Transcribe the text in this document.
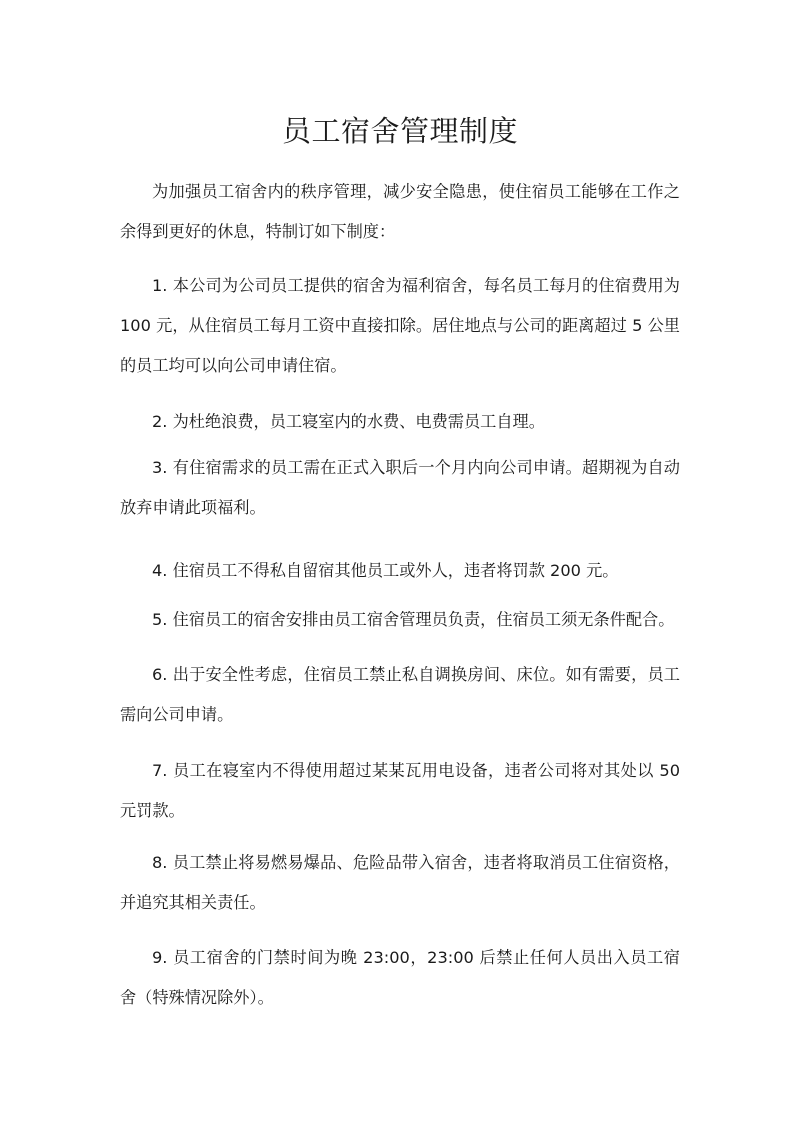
员工宿舍管理制度

为加强员工宿舍内的秩序管理，减少安全隐患，使住宿员工能够在工作之余得到更好的休息，特制订如下制度：

1. 本公司为公司员工提供的宿舍为福利宿舍，每名员工每月的住宿费用为100 元，从住宿员工每月工资中直接扣除。居住地点与公司的距离超过 5 公里的员工均可以向公司申请住宿。

2. 为杜绝浪费，员工寝室内的水费、电费需员工自理。

3. 有住宿需求的员工需在正式入职后一个月内向公司申请。超期视为自动放弃申请此项福利。

4. 住宿员工不得私自留宿其他员工或外人，违者将罚款 200 元。

5. 住宿员工的宿舍安排由员工宿舍管理员负责，住宿员工须无条件配合。

6. 出于安全性考虑，住宿员工禁止私自调换房间、床位。如有需要，员工需向公司申请。

7. 员工在寝室内不得使用超过某某瓦用电设备，违者公司将对其处以 50元罚款。

8. 员工禁止将易燃易爆品、危险品带入宿舍，违者将取消员工住宿资格，并追究其相关责任。

9. 员工宿舍的门禁时间为晚 23:00，23:00 后禁止任何人员出入员工宿舍（特殊情况除外）。
